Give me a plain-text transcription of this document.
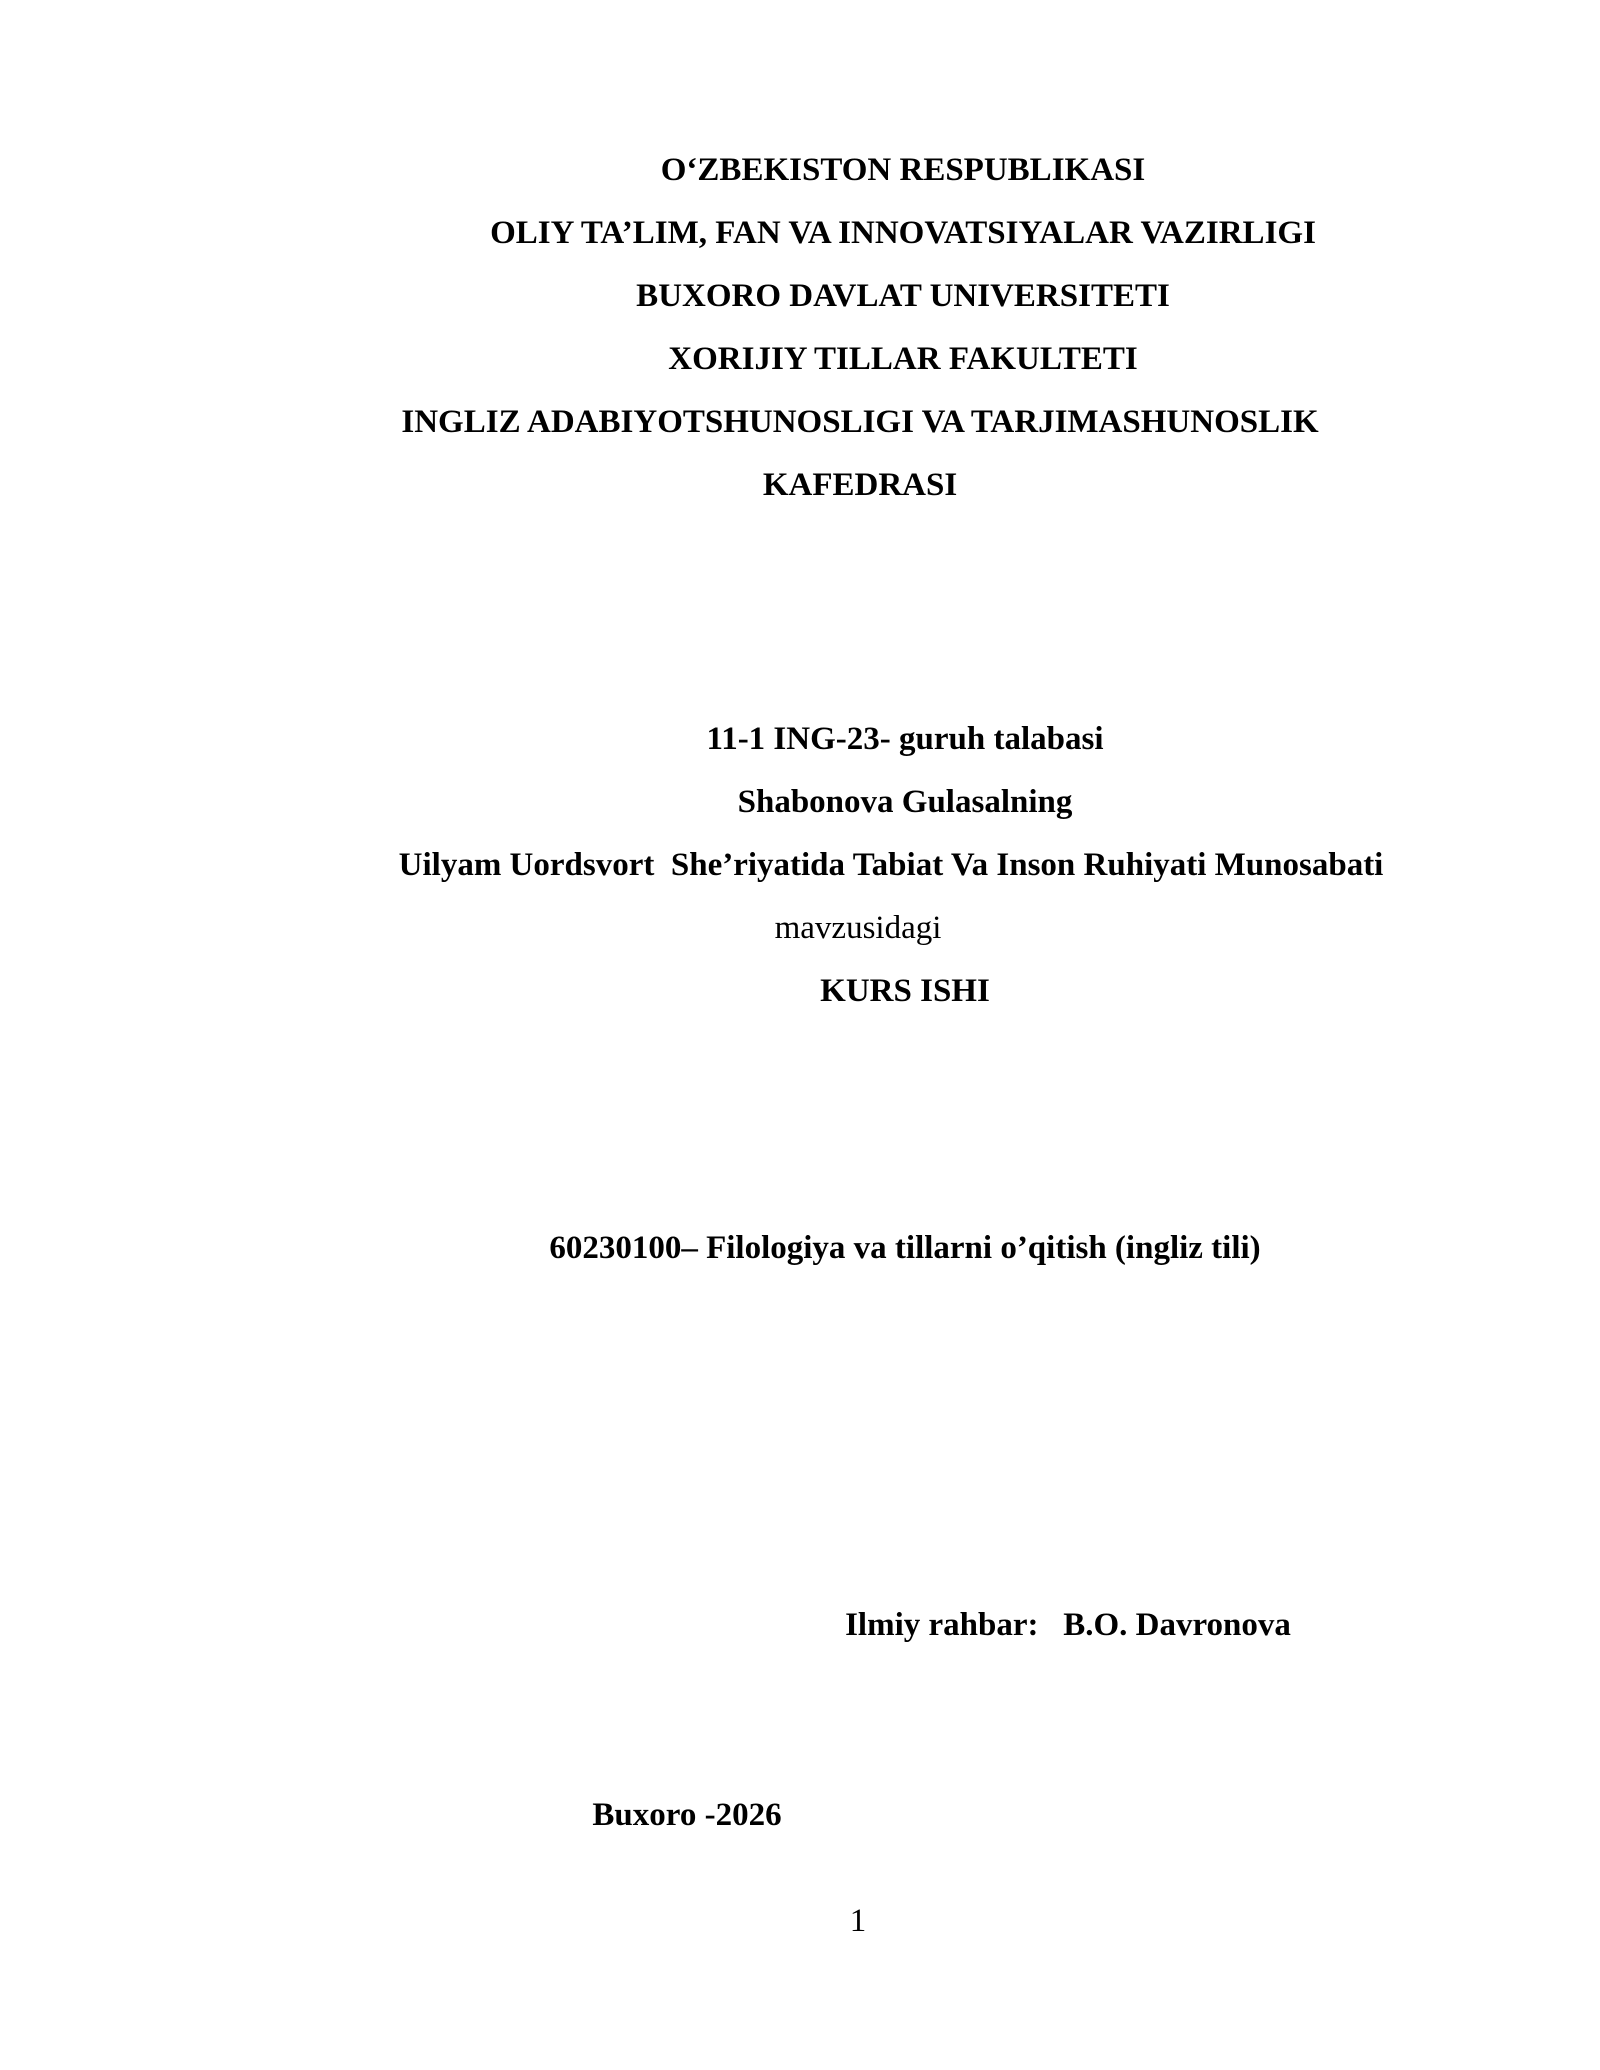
O‘ZBEKISTON RESPUBLIKASI
OLIY TA’LIM, FAN VA INNOVATSIYALAR VAZIRLIGI
BUXORO DAVLAT UNIVERSITETI
XORIJIY TILLAR FAKULTETI
INGLIZ ADABIYOTSHUNOSLIGI VA TARJIMASHUNOSLIK
KAFEDRASI
11-1 ING-23- guruh talabasi
Shabonova Gulasalning
Uilyam Uordsvort  She’riyatida Tabiat Va Inson Ruhiyati Munosabati
mavzusidagi
KURS ISHI
60230100– Filologiya va tillarni o’qitish (ingliz tili)
Ilmiy rahbar:   B.O. Davronova
Buxoro -2026
1
